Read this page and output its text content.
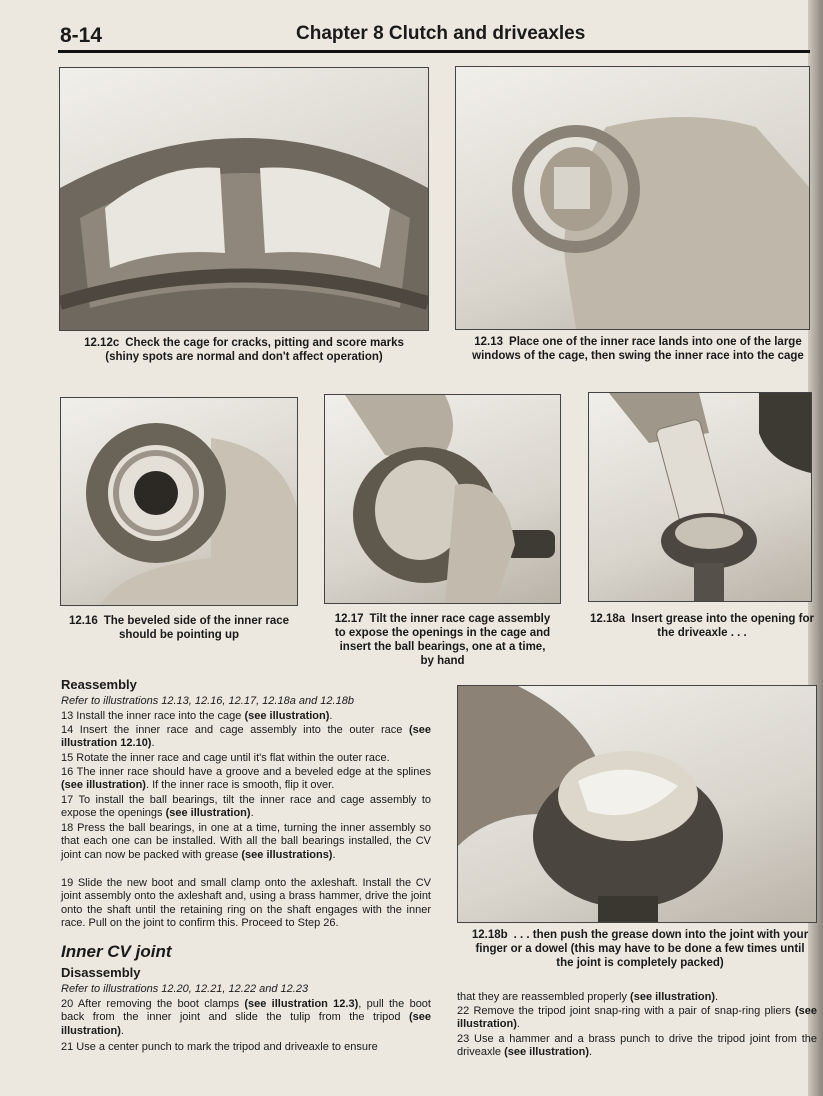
8-14	Chapter 8 Clutch and driveaxles
12.12c Check the cage for cracks, pitting and score marks
(shiny spots are normal and don't affect operation)
12.13 Place one of the inner race lands into one of the large
windows of the cage, then swing the inner race into the cage
12.16 The beveled side of the inner race
should be pointing up
12.17 Tilt the inner race cage assembly
to expose the openings in the cage and
insert the ball bearings, one at a time,
by hand
12.18a Insert grease into the opening for
the driveaxle . . .
12.18b . . . then push the grease down into the joint with your
finger or a dowel (this may have to be done a few times until
the joint is completely packed)
Reassembly
Refer to illustrations 12.13, 12.16, 12.17, 12.18a and 12.18b
13 Install the inner race into the cage (see illustration).
14 Insert the inner race and cage assembly into the outer race (see illustration 12.10).
15 Rotate the inner race and cage until it's flat within the outer race.
16 The inner race should have a groove and a beveled edge at the splines (see illustration). If the inner race is smooth, flip it over.
17 To install the ball bearings, tilt the inner race and cage assembly to expose the openings (see illustration).
18 Press the ball bearings, in one at a time, turning the inner assembly so that each one can be installed. With all the ball bearings installed, the CV joint can now be packed with grease (see illustrations).
19 Slide the new boot and small clamp onto the axleshaft. Install the CV joint assembly onto the axleshaft and, using a brass hammer, drive the joint onto the shaft until the retaining ring on the shaft engages with the inner race. Pull on the joint to confirm this. Proceed to Step 26.
Inner CV joint
Disassembly
Refer to illustrations 12.20, 12.21, 12.22 and 12.23
20 After removing the boot clamps (see illustration 12.3), pull the boot back from the inner joint and slide the tulip from the tripod (see illustration).
21 Use a center punch to mark the tripod and driveaxle to ensure
that they are reassembled properly (see illustration).
22 Remove the tripod joint snap-ring with a pair of snap-ring pliers (see illustration).
23 Use a hammer and a brass punch to drive the tripod joint from the driveaxle (see illustration).
